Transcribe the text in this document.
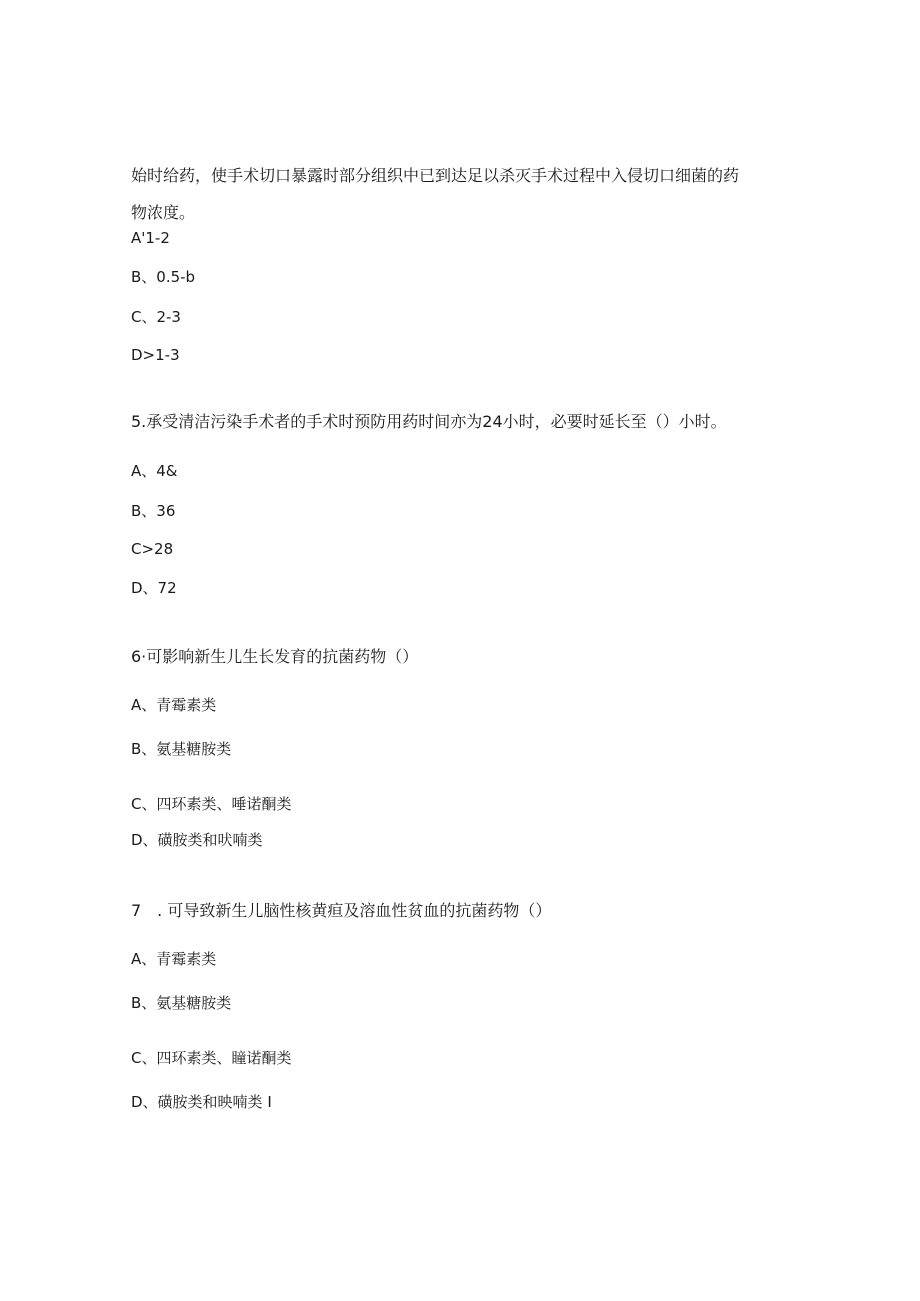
始时给药，使手术切口暴露时部分组织中已到达足以杀灭手术过程中入侵切口细菌的药
物浓度。
A'1-2
B、0.5-b
C、2-3
D>1-3
5.承受清洁污染手术者的手术时预防用药时间亦为24小时，必要时延长至（）小时。
A、4&
B、36
C>28
D、72
6·可影响新生儿生长发育的抗菌药物（）
A、青霉素类
B、氨基糖胺类
C、四环素类、唾诺酮类
D、磺胺类和吠喃类
7　. 可导致新生儿脑性核黄疸及溶血性贫血的抗菌药物（）
A、青霉素类
B、氨基糖胺类
C、四环素类、瞳诺酮类
D、磺胺类和映喃类 I
